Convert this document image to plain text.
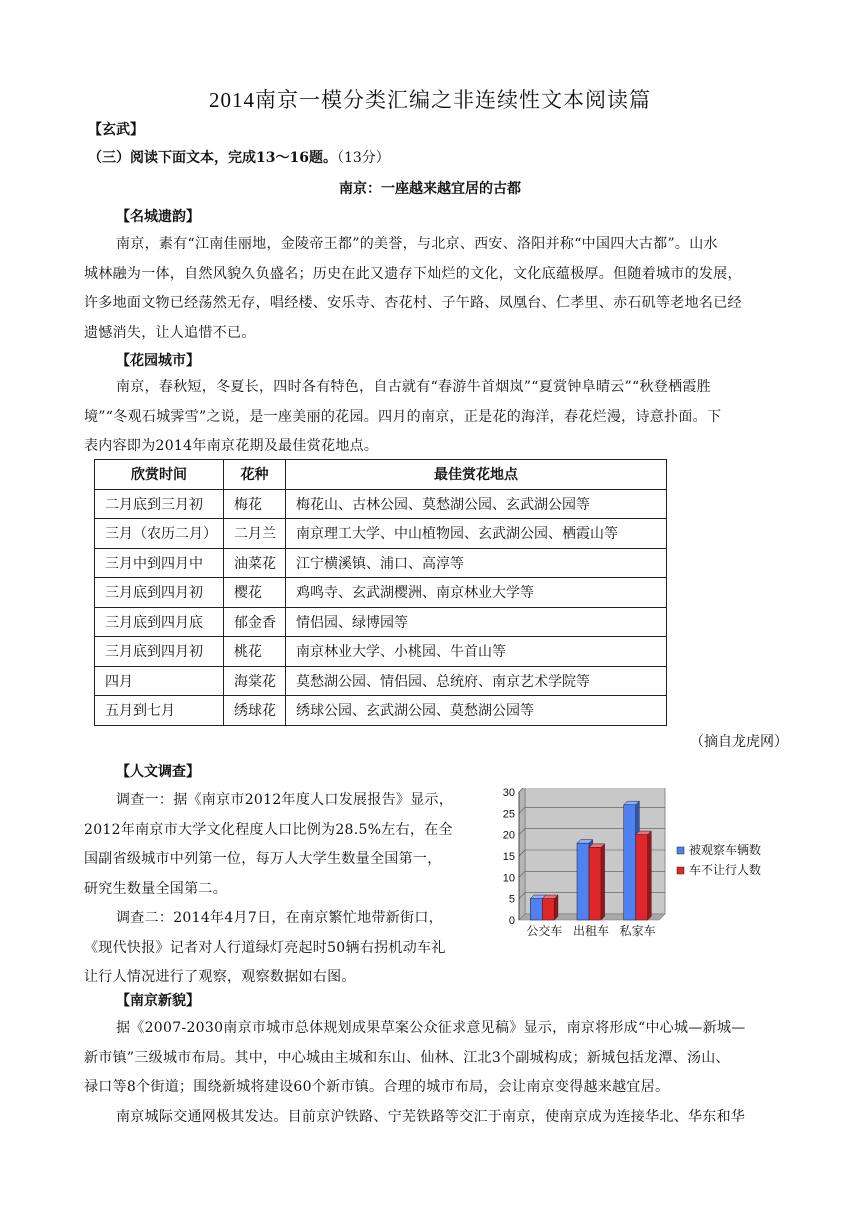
2014南京一模分类汇编之非连续性文本阅读篇
【玄武】
（三）阅读下面文本，完成13～16题。（13分）
南京：一座越来越宜居的古都
【名城遗韵】
南京，素有“江南佳丽地，金陵帝王都”的美誉，与北京、西安、洛阳并称“中国四大古都”。山水
城林融为一体，自然风貌久负盛名；历史在此又遗存下灿烂的文化，文化底蕴极厚。但随着城市的发展，
许多地面文物已经荡然无存，唱经楼、安乐寺、杏花村、子午路、凤凰台、仁孝里、赤石矶等老地名已经
遗憾消失，让人追惜不已。
【花园城市】
南京，春秋短，冬夏长，四时各有特色，自古就有“春游牛首烟岚”“夏赏钟阜晴云”“秋登栖霞胜
境”“冬观石城霁雪”之说，是一座美丽的花园。四月的南京，正是花的海洋，春花烂漫，诗意扑面。下
表内容即为2014年南京花期及最佳赏花地点。
欣赏时间	花种	最佳赏花地点
二月底到三月初	梅花	梅花山、古林公园、莫愁湖公园、玄武湖公园等
三月（农历二月）	二月兰	南京理工大学、中山植物园、玄武湖公园、栖霞山等
三月中到四月中	油菜花	江宁横溪镇、浦口、高淳等
三月底到四月初	樱花	鸡鸣寺、玄武湖樱洲、南京林业大学等
三月底到四月底	郁金香	情侣园、绿博园等
三月底到四月初	桃花	南京林业大学、小桃园、牛首山等
四月	海棠花	莫愁湖公园、情侣园、总统府、南京艺术学院等
五月到七月	绣球花	绣球公园、玄武湖公园、莫愁湖公园等
（摘自龙虎网）
【人文调查】
调查一：据《南京市2012年度人口发展报告》显示，
2012年南京市大学文化程度人口比例为28.5%左右，在全
国副省级城市中列第一位，每万人大学生数量全国第一，
研究生数量全国第二。
调查二：2014年4月7日，在南京繁忙地带新街口，
《现代快报》记者对人行道绿灯亮起时50辆右拐机动车礼
让行人情况进行了观察，观察数据如右图。
0
5
10
15
20
25
30
公交车 出租车 私家车
被观察车辆数
车不让行人数
【南京新貌】
据《2007-2030南京市城市总体规划成果草案公众征求意见稿》显示，南京将形成“中心城—新城—
新市镇”三级城市布局。其中，中心城由主城和东山、仙林、江北3个副城构成；新城包括龙潭、汤山、
禄口等8个街道；围绕新城将建设60个新市镇。合理的城市布局，会让南京变得越来越宜居。
南京城际交通网极其发达。目前京沪铁路、宁芜铁路等交汇于南京，使南京成为连接华北、华东和华
